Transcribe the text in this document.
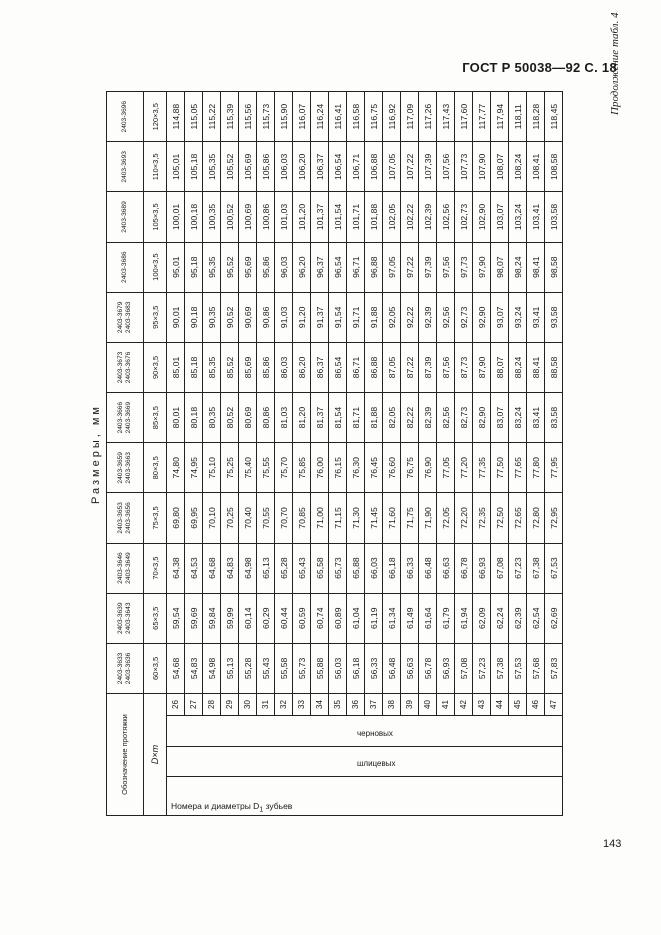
ГОСТ Р 50038—92 С. 18
Продолжение табл. 4
Размеры, мм
Обозначение протяжки		2403-3633 2403-3636	2403-3639 2403-3643	2403-3646 2403-3649	2403-3653 2403-3656	2403-3659 2403-3663	2403-3666 2403-3669	2403-3673 2403-3676	2403-3679 2403-3683	2403-3686	2403-3689	2403-3693	2403-3696
D×m		60×3,5	65×3,5	70×3,5	75×3,5	80×3,5	85×3,5	90×3,5	95×3,5	100×3,5	105×3,5	110×3,5	120×3,5

Номера и диаметры $D_1$ зубьев
шлицевых
черновых	26	54,68	59,54	64,38	69,80	74,80	80,01	85,01	90,01	95,01	100,01	105,01	114,88
	27	54,83	59,69	64,53	69,95	74,95	80,18	85,18	90,18	95,18	100,18	105,18	115,05
	28	54,98	59,84	64,68	70,10	75,10	80,35	85,35	90,35	95,35	100,35	105,35	115,22
	29	55,13	59,99	64,83	70,25	75,25	80,52	85,52	90,52	95,52	100,52	105,52	115,39
	30	55,28	60,14	64,98	70,40	75,40	80,69	85,69	90,69	95,69	100,69	105,69	115,56
	31	55,43	60,29	65,13	70,55	75,55	80,86	85,86	90,86	95,86	100,86	105,86	115,73
	32	55,58	60,44	65,28	70,70	75,70	81,03	86,03	91,03	96,03	101,03	106,03	115,90
	33	55,73	60,59	65,43	70,85	75,85	81,20	86,20	91,20	96,20	101,20	106,20	116,07
	34	55,88	60,74	65,58	71,00	76,00	81,37	86,37	91,37	96,37	101,37	106,37	116,24
	35	56,03	60,89	65,73	71,15	76,15	81,54	86,54	91,54	96,54	101,54	106,54	116,41
	36	56,18	61,04	65,88	71,30	76,30	81,71	86,71	91,71	96,71	101,71	106,71	116,58
	37	56,33	61,19	66,03	71,45	76,45	81,88	86,88	91,88	96,88	101,88	106,88	116,75
	38	56,48	61,34	66,18	71,60	76,60	82,05	87,05	92,05	97,05	102,05	107,05	116,92
	39	56,63	61,49	66,33	71,75	76,75	82,22	87,22	92,22	97,22	102,22	107,22	117,09
	40	56,78	61,64	66,48	71,90	76,90	82,39	87,39	92,39	97,39	102,39	107,39	117,26
	41	56,93	61,79	66,63	72,05	77,05	82,56	87,56	92,56	97,56	102,56	107,56	117,43
	42	57,08	61,94	66,78	72,20	77,20	82,73	87,73	92,73	97,73	102,73	107,73	117,60
	43	57,23	62,09	66,93	72,35	77,35	82,90	87,90	92,90	97,90	102,90	107,90	117,77
	44	57,38	62,24	67,08	72,50	77,50	83,07	88,07	93,07	98,07	103,07	108,07	117,94
	45	57,53	62,39	67,23	72,65	77,65	83,24	88,24	93,24	98,24	103,24	108,24	118,11
	46	57,68	62,54	67,38	72,80	77,80	83,41	88,41	93,41	98,41	103,41	108,41	118,28
	47	57,83	62,69	67,53	72,95	77,95	83,58	88,58	93,58	98,58	103,58	108,58	118,45
143
